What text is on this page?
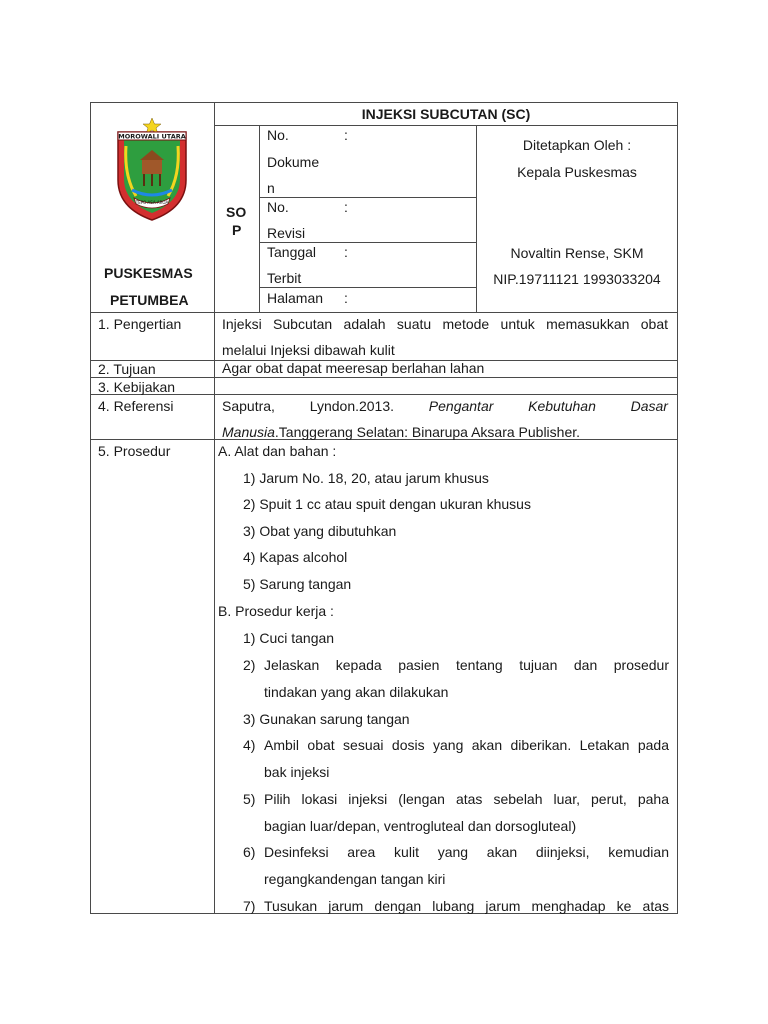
MOROWALI UTARA
TEPO ASA AROA
PUSKESMAS
PETUMBEA
INJEKSI SUBCUTAN (SC)
SO
P
No.	:
Dokume
n
No.	:
Revisi
Tanggal :
Terbit
Halaman :
Ditetapkan Oleh :
Kepala Puskesmas
Novaltin Rense, SKM
NIP.19711121 1993033204
1. Pengertian
2. Tujuan
3. Kebijakan
4. Referensi
5. Prosedur
Injeksi Subcutan adalah suatu metode untuk memasukkan obat
melalui Injeksi dibawah kulit
Agar obat dapat meeresap berlahan lahan
Saputra, Lyndon.2013. Pengantar Kebutuhan Dasar
Manusia.Tanggerang Selatan: Binarupa Aksara Publisher.
A. Alat dan bahan :
1) Jarum No. 18, 20, atau jarum khusus
2) Spuit 1 cc atau spuit dengan ukuran khusus
3) Obat yang dibutuhkan
4) Kapas alcohol
5) Sarung tangan
B. Prosedur kerja :
1) Cuci tangan
2) Jelaskan kepada pasien tentang tujuan dan prosedur
tindakan yang akan dilakukan
3) Gunakan sarung tangan
4) Ambil obat sesuai dosis yang akan diberikan. Letakan pada
bak injeksi
5) Pilih lokasi injeksi (lengan atas sebelah luar, perut, paha
bagian luar/depan, ventrogluteal dan dorsogluteal)
6) Desinfeksi area kulit yang akan diinjeksi, kemudian
regangkandengan tangan kiri
7) Tusukan jarum dengan lubang jarum menghadap ke atas
